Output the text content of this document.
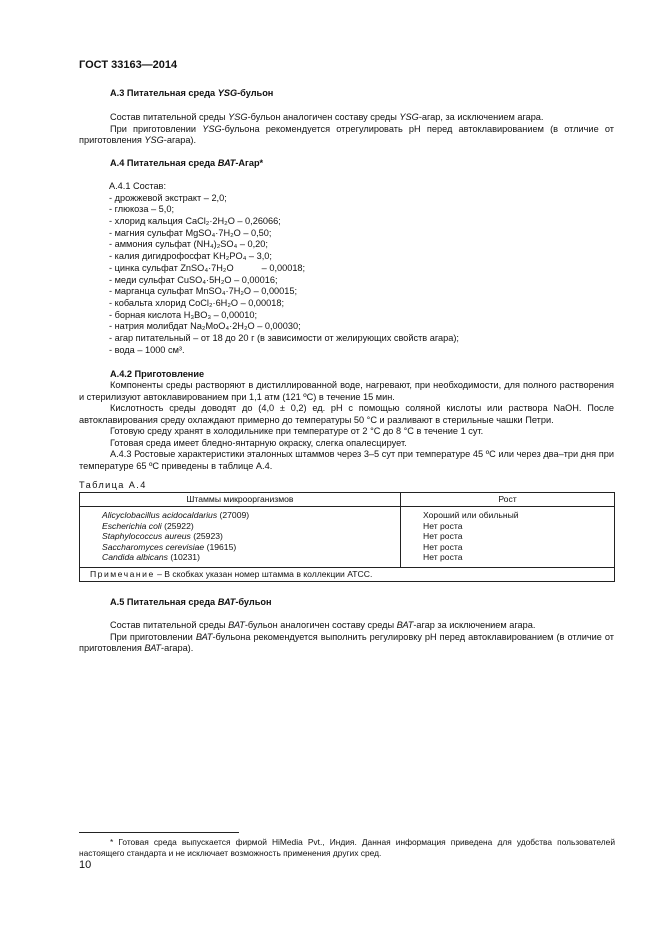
ГОСТ 33163—2014
А.3 Питательная среда YSG-бульон

Состав питательной среды YSG-бульон аналогичен составу среды YSG-агар, за исключением агара.

При приготовлении YSG-бульона рекомендуется отрегулировать рН перед автоклавированием (в отличие от приготовления YSG-агара).

А.4 Питательная среда ВАТ-Агар*
А.4.1 Состав:
- дрожжевой экстракт – 2,0;
- глюкоза – 5,0;
- хлорид кальция CaCl₂·2H₂O – 0,26066;
- магния сульфат MgSO₄·7H₂O – 0,50;
- аммония сульфат (NH₄)₂SO₄ – 0,20;
- калия дигидрофосфат KH₂PO₄ – 3,0;
- цинка сульфат ZnSO₄·7H₂O           – 0,00018;
- меди сульфат CuSO₄·5H₂O – 0,00016;
- марганца сульфат MnSO₄·7H₂O – 0,00015;
- кобальта хлорид CoCl₂·6H₂O – 0,00018;
- борная кислота H₃BO₃ – 0,00010;
- натрия молибдат Na₂MoO₄·2H₂O – 0,00030;
- агар питательный – от 18 до 20 г (в зависимости от желирующих свойств агара);
- вода – 1000 см³.
А.4.2 Приготовление

Компоненты среды растворяют в дистиллированной воде, нагревают, при необходимости, для полного растворения и стерилизуют автоклавированием при 1,1 атм (121 ºС) в течение 15 мин.

Кислотность среды доводят до (4,0 ± 0,2) ед. рН с помощью соляной кислоты или раствора NaOH. После автоклавирования среду охлаждают примерно до температуры 50 °С и разливают в стерильные чашки Петри.

Готовую среду хранят в холодильнике при температуре от 2 °С до 8 °С в течение 1 сут.

Готовая среда имеет бледно-янтарную окраску, слегка опалесцирует.

А.4.3 Ростовые характеристики эталонных штаммов через 3–5 сут при температуре 45 ºС или через два–три дня при температуре 65 ºС приведены в таблице А.4.

Таблица А.4
Штаммы микроорганизмов	Рост
Alicyclobacillus acidocaldarius (27009)	Хороший или обильный
Escherichia coli (25922)	Нет роста
Staphylococcus aureus (25923)	Нет роста
Saccharomyces cerevisiae (19615)	Нет роста
Candida albicans (10231)	Нет роста
Примечание – В скобках указан номер штамма в коллекции АТСС.	
А.5 Питательная среда ВАТ-бульон

Состав питательной среды ВАТ-бульон аналогичен составу среды ВАТ-агар за исключением агара.

При приготовлении ВАТ-бульона рекомендуется выполнить регулировку рН перед автоклавированием (в отличие от приготовления ВАТ-агара).

* Готовая среда выпускается фирмой HiMedia Pvt., Индия. Данная информация приведена для удобства пользователей настоящего стандарта и не исключает возможность применения других сред.

10
